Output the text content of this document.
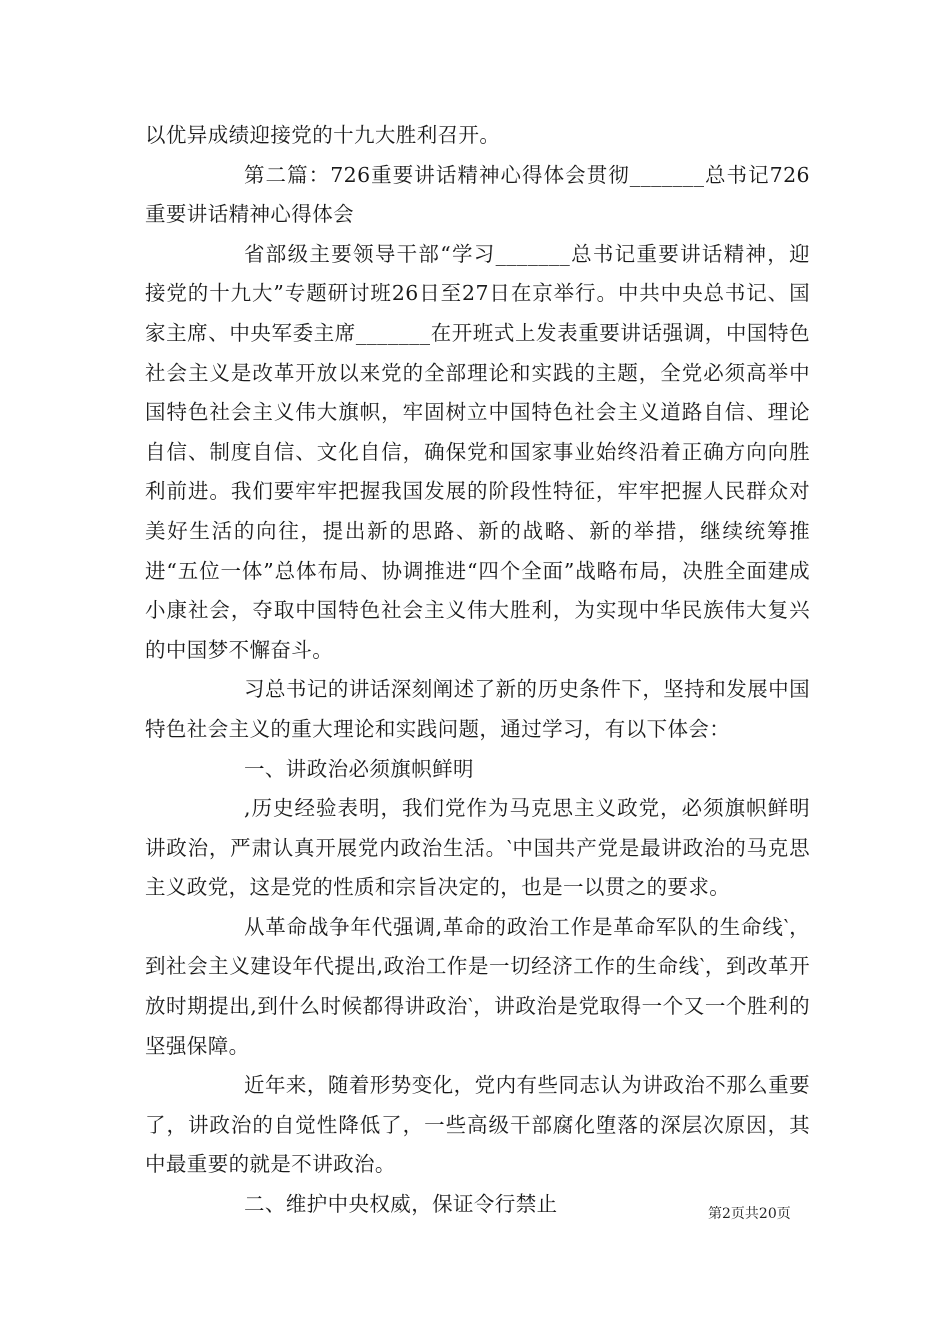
以优异成绩迎接党的十九大胜利召开。

第二篇：726重要讲话精神心得体会贯彻_______总书记726重要讲话精神心得体会

省部级主要领导干部“学习_______总书记重要讲话精神，迎接党的十九大”专题研讨班26日至27日在京举行。中共中央总书记、国家主席、中央军委主席_______在开班式上发表重要讲话强调，中国特色社会主义是改革开放以来党的全部理论和实践的主题，全党必须高举中国特色社会主义伟大旗帜，牢固树立中国特色社会主义道路自信、理论自信、制度自信、文化自信，确保党和国家事业始终沿着正确方向向胜利前进。我们要牢牢把握我国发展的阶段性特征，牢牢把握人民群众对美好生活的向往，提出新的思路、新的战略、新的举措，继续统筹推进“五位一体”总体布局、协调推进“四个全面”战略布局，决胜全面建成小康社会，夺取中国特色社会主义伟大胜利，为实现中华民族伟大复兴的中国梦不懈奋斗。

习总书记的讲话深刻阐述了新的历史条件下，坚持和发展中国特色社会主义的重大理论和实践问题，通过学习，有以下体会：

一、讲政治必须旗帜鲜明

,历史经验表明，我们党作为马克思主义政党，必须旗帜鲜明讲政治，严肃认真开展党内政治生活。‵中国共产党是最讲政治的马克思主义政党，这是党的性质和宗旨决定的，也是一以贯之的要求。

从革命战争年代强调,革命的政治工作是革命军队的生命线‵，到社会主义建设年代提出,政治工作是一切经济工作的生命线‵，到改革开放时期提出,到什么时候都得讲政治‵，讲政治是党取得一个又一个胜利的坚强保障。

近年来，随着形势变化，党内有些同志认为讲政治不那么重要了，讲政治的自觉性降低了，一些高级干部腐化堕落的深层次原因，其中最重要的就是不讲政治。

二、维护中央权威，保证令行禁止	第2页共20页
